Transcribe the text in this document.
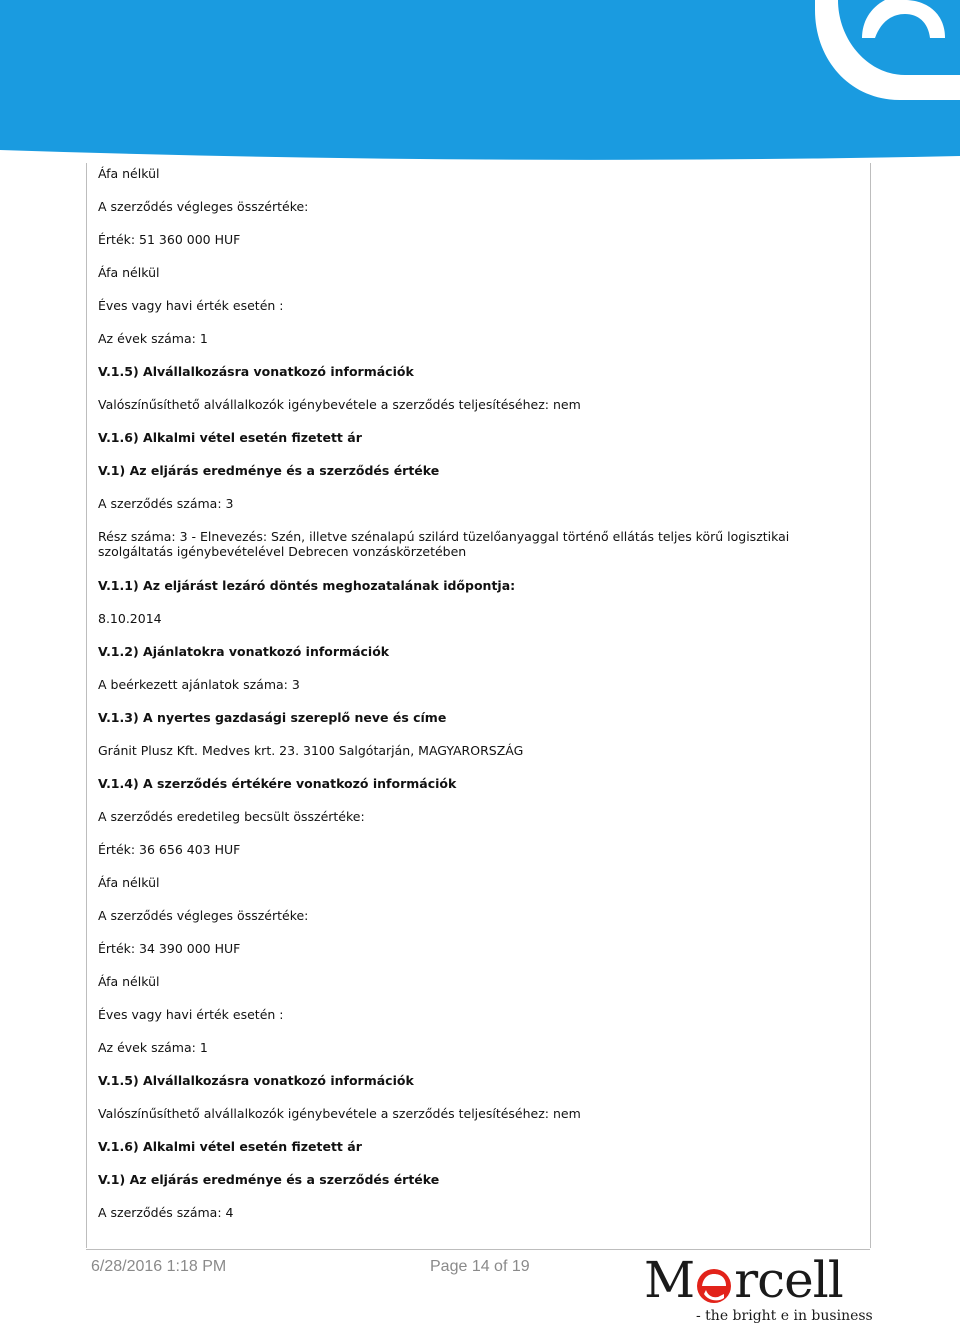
Áfa nélkül
A szerződés végleges összértéke:
Érték: 51 360 000 HUF
Áfa nélkül
Éves vagy havi érték esetén :
Az évek száma: 1
V.1.5) Alvállalkozásra vonatkozó információk
Valószínűsíthető alvállalkozók igénybevétele a szerződés teljesítéséhez: nem
V.1.6) Alkalmi vétel esetén fizetett ár
V.1) Az eljárás eredménye és a szerződés értéke
A szerződés száma: 3
Rész száma: 3 - Elnevezés: Szén, illetve szénalapú szilárd tüzelőanyaggal történő ellátás teljes körű logisztikai szolgáltatás igénybevételével Debrecen vonzáskörzetében
V.1.1) Az eljárást lezáró döntés meghozatalának időpontja:
8.10.2014
V.1.2) Ajánlatokra vonatkozó információk
A beérkezett ajánlatok száma: 3
V.1.3) A nyertes gazdasági szereplő neve és címe
Gránit Plusz Kft. Medves krt. 23. 3100 Salgótarján, MAGYARORSZÁG
V.1.4) A szerződés értékére vonatkozó információk
A szerződés eredetileg becsült összértéke:
Érték: 36 656 403 HUF
Áfa nélkül
A szerződés végleges összértéke:
Érték: 34 390 000 HUF
Áfa nélkül
Éves vagy havi érték esetén :
Az évek száma: 1
V.1.5) Alvállalkozásra vonatkozó információk
Valószínűsíthető alvállalkozók igénybevétele a szerződés teljesítéséhez: nem
V.1.6) Alkalmi vétel esetén fizetett ár
V.1) Az eljárás eredménye és a szerződés értéke
A szerződés száma: 4
6/28/2016 1:18 PM	Page 14 of 19 M rcell
- the bright e in business
